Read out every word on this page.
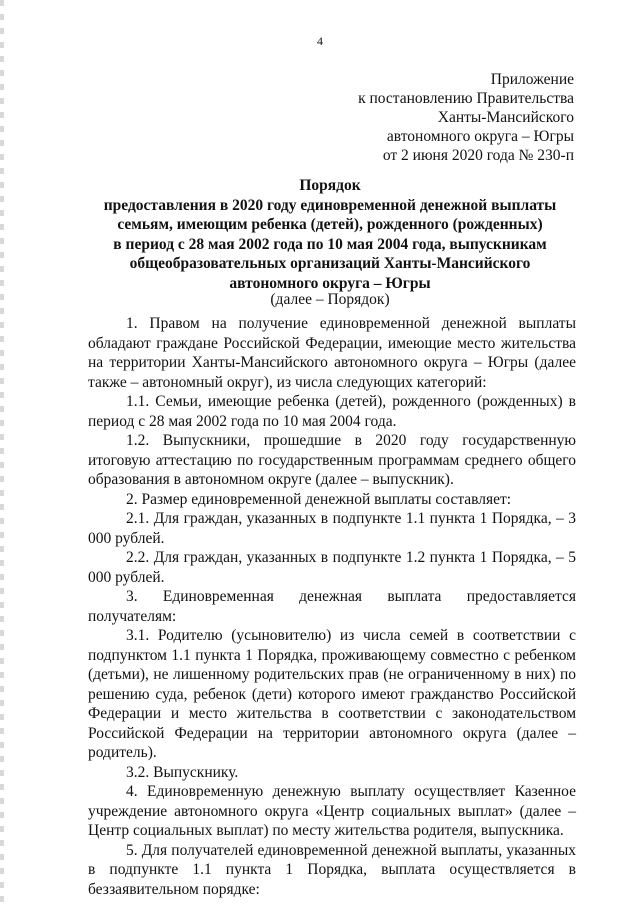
4
Приложение
к постановлению Правительства
Ханты-Мансийского
автономного округа – Югры
от 2 июня 2020 года № 230-п
Порядок
предоставления в 2020 году единовременной денежной выплаты
семьям, имеющим ребенка (детей), рожденного (рожденных)
в период с 28 мая 2002 года по 10 мая 2004 года, выпускникам
общеобразовательных организаций Ханты-Мансийского
автономного округа – Югры
(далее – Порядок)

1. Правом на получение единовременной денежной выплаты обладают граждане Российской Федерации, имеющие место жительства на территории Ханты-Мансийского автономного округа – Югры (далее также – автономный округ), из числа следующих категорий:

1.1. Семьи, имеющие ребенка (детей), рожденного (рожденных) в период с 28 мая 2002 года по 10 мая 2004 года.

1.2. Выпускники, прошедшие в 2020 году государственную итоговую аттестацию по государственным программам среднего общего образования в автономном округе (далее – выпускник).

2. Размер единовременной денежной выплаты составляет:

2.1. Для граждан, указанных в подпункте 1.1 пункта 1 Порядка, – 3 000 рублей.

2.2. Для граждан, указанных в подпункте 1.2 пункта 1 Порядка, – 5 000 рублей.

3. Единовременная денежная выплата предоставляется получателям:

3.1. Родителю (усыновителю) из числа семей в соответствии с подпунктом 1.1 пункта 1 Порядка, проживающему совместно с ребенком (детьми), не лишенному родительских прав (не ограниченному в них) по решению суда, ребенок (дети) которого имеют гражданство Российской Федерации и место жительства в соответствии с законодательством Российской Федерации на территории автономного округа (далее – родитель).

3.2. Выпускнику.

4. Единовременную денежную выплату осуществляет Казенное учреждение автономного округа «Центр социальных выплат» (далее – Центр социальных выплат) по месту жительства родителя, выпускника.

5. Для получателей единовременной денежной выплаты, указанных в подпункте 1.1 пункта 1 Порядка, выплата осуществляется в беззаявительном порядке:
